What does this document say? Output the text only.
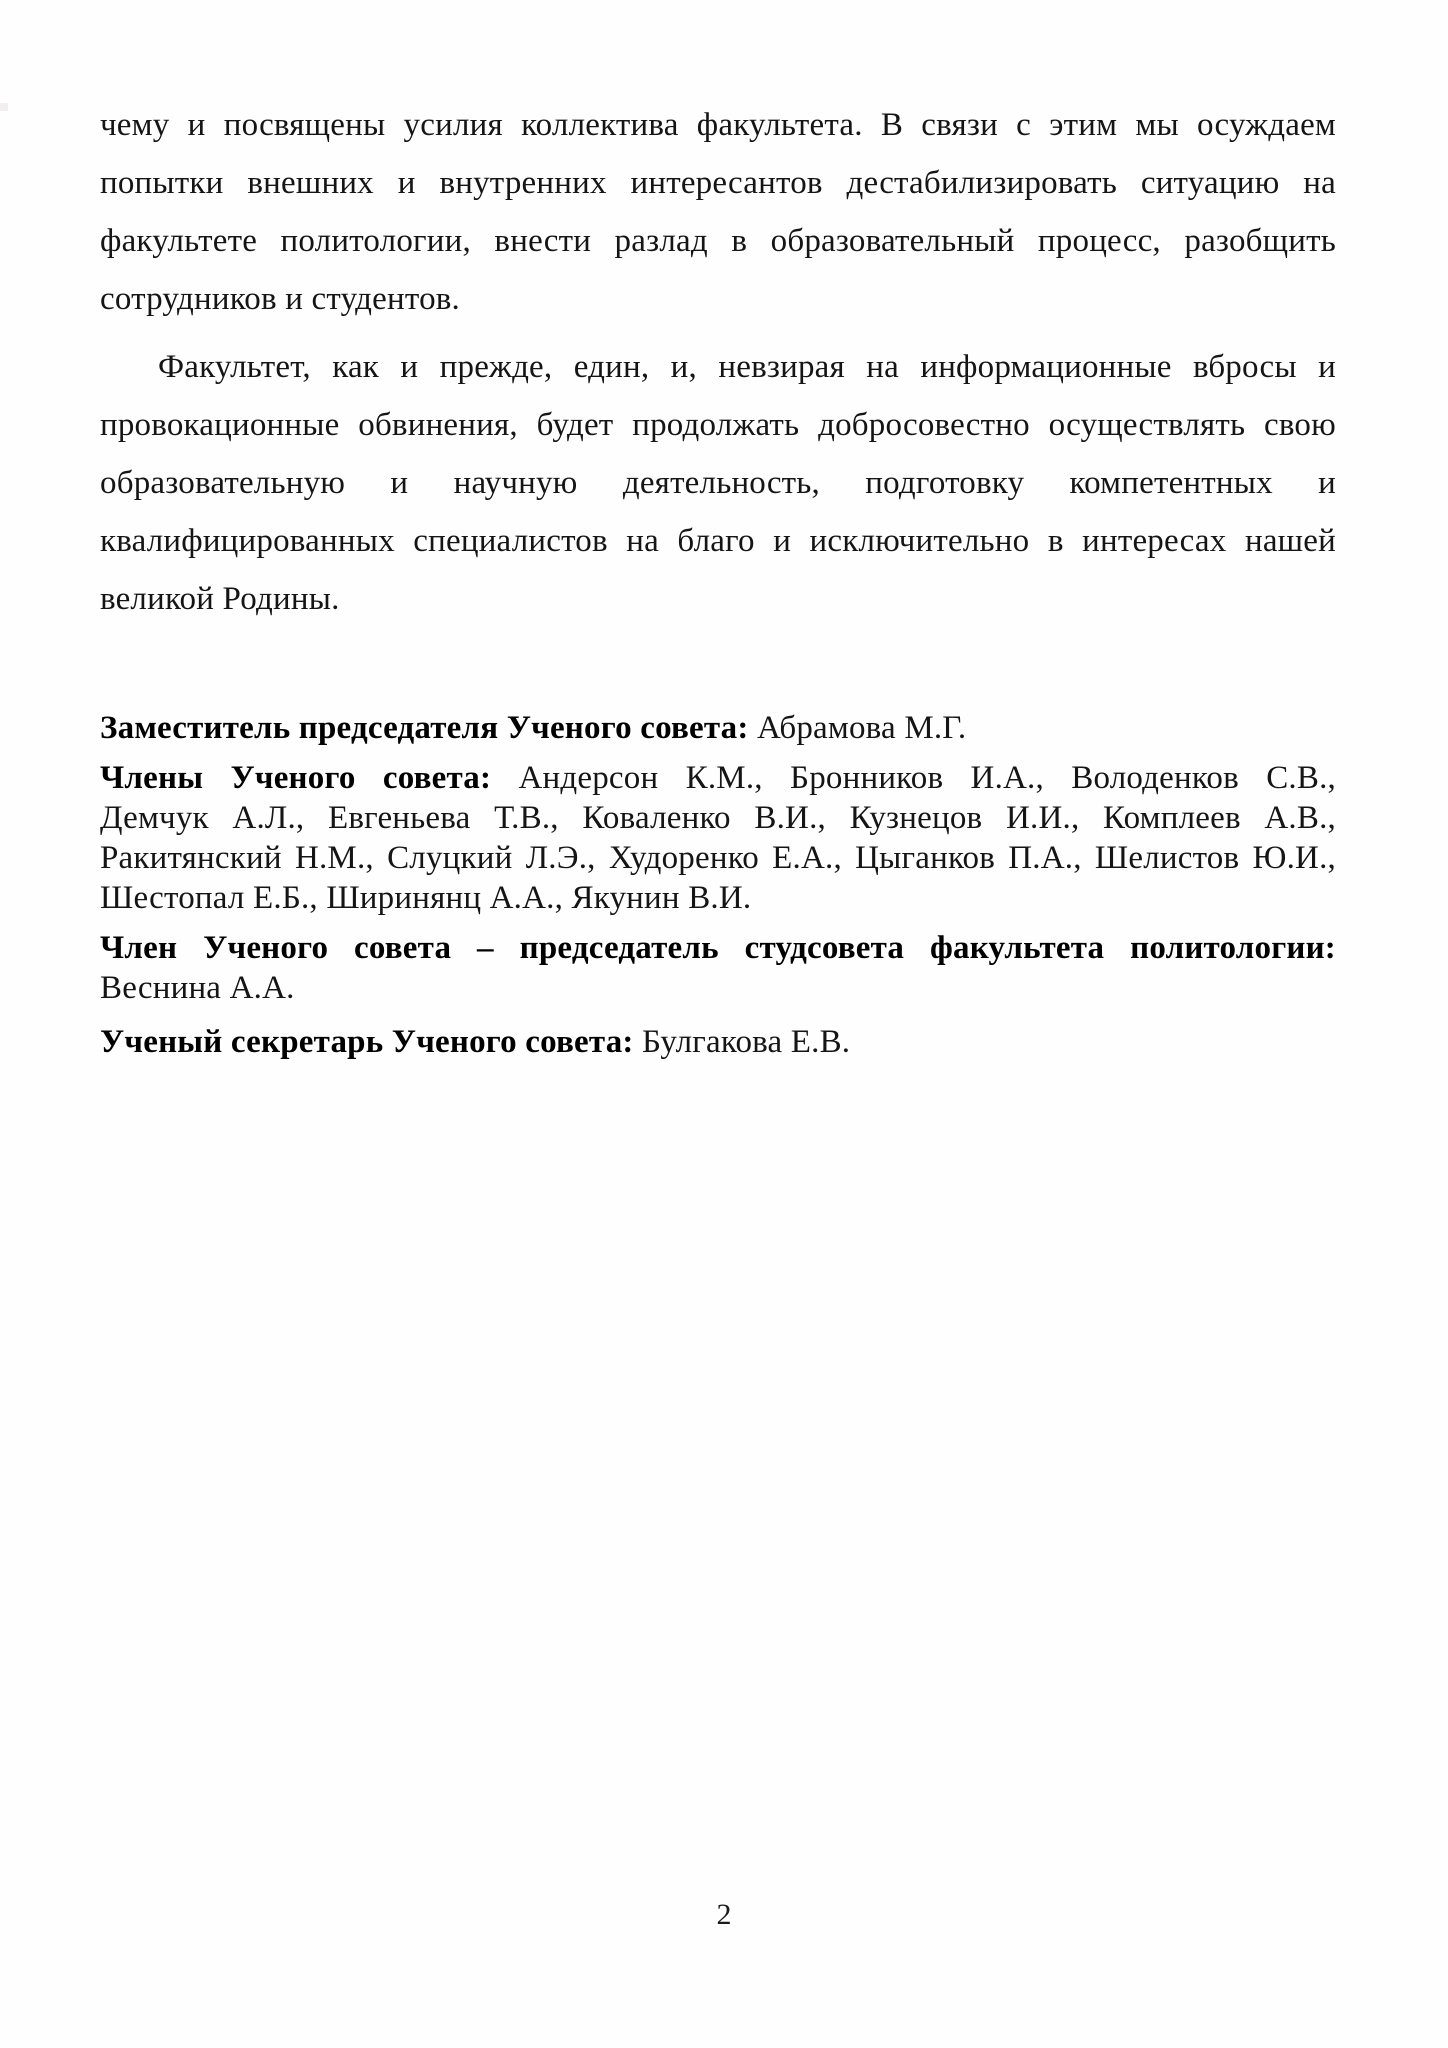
чему и посвящены усилия коллектива факультета. В связи с этим мы осуждаем попытки внешних и внутренних интересантов дестабилизировать ситуацию на факультете политологии, внести разлад в образовательный процесс, разобщить сотрудников и студентов.

Факультет, как и прежде, един, и, невзирая на информационные вбросы и провокационные обвинения, будет продолжать добросовестно осуществлять свою образовательную и научную деятельность, подготовку компетентных и квалифицированных специалистов на благо и исключительно в интересах нашей великой Родины.

Заместитель председателя Ученого совета: Абрамова М.Г.

Члены Ученого совета: Андерсон К.М., Бронников И.А., Володенков С.В., Демчук А.Л., Евгеньева Т.В., Коваленко В.И., Кузнецов И.И., Комплеев А.В., Ракитянский Н.М., Слуцкий Л.Э., Худоренко Е.А., Цыганков П.А., Шелистов Ю.И., Шестопал Е.Б., Ширинянц А.А., Якунин В.И.

Член Ученого совета – председатель студсовета факультета политологии: Веснина А.А.

Ученый секретарь Ученого совета: Булгакова Е.В.

2
